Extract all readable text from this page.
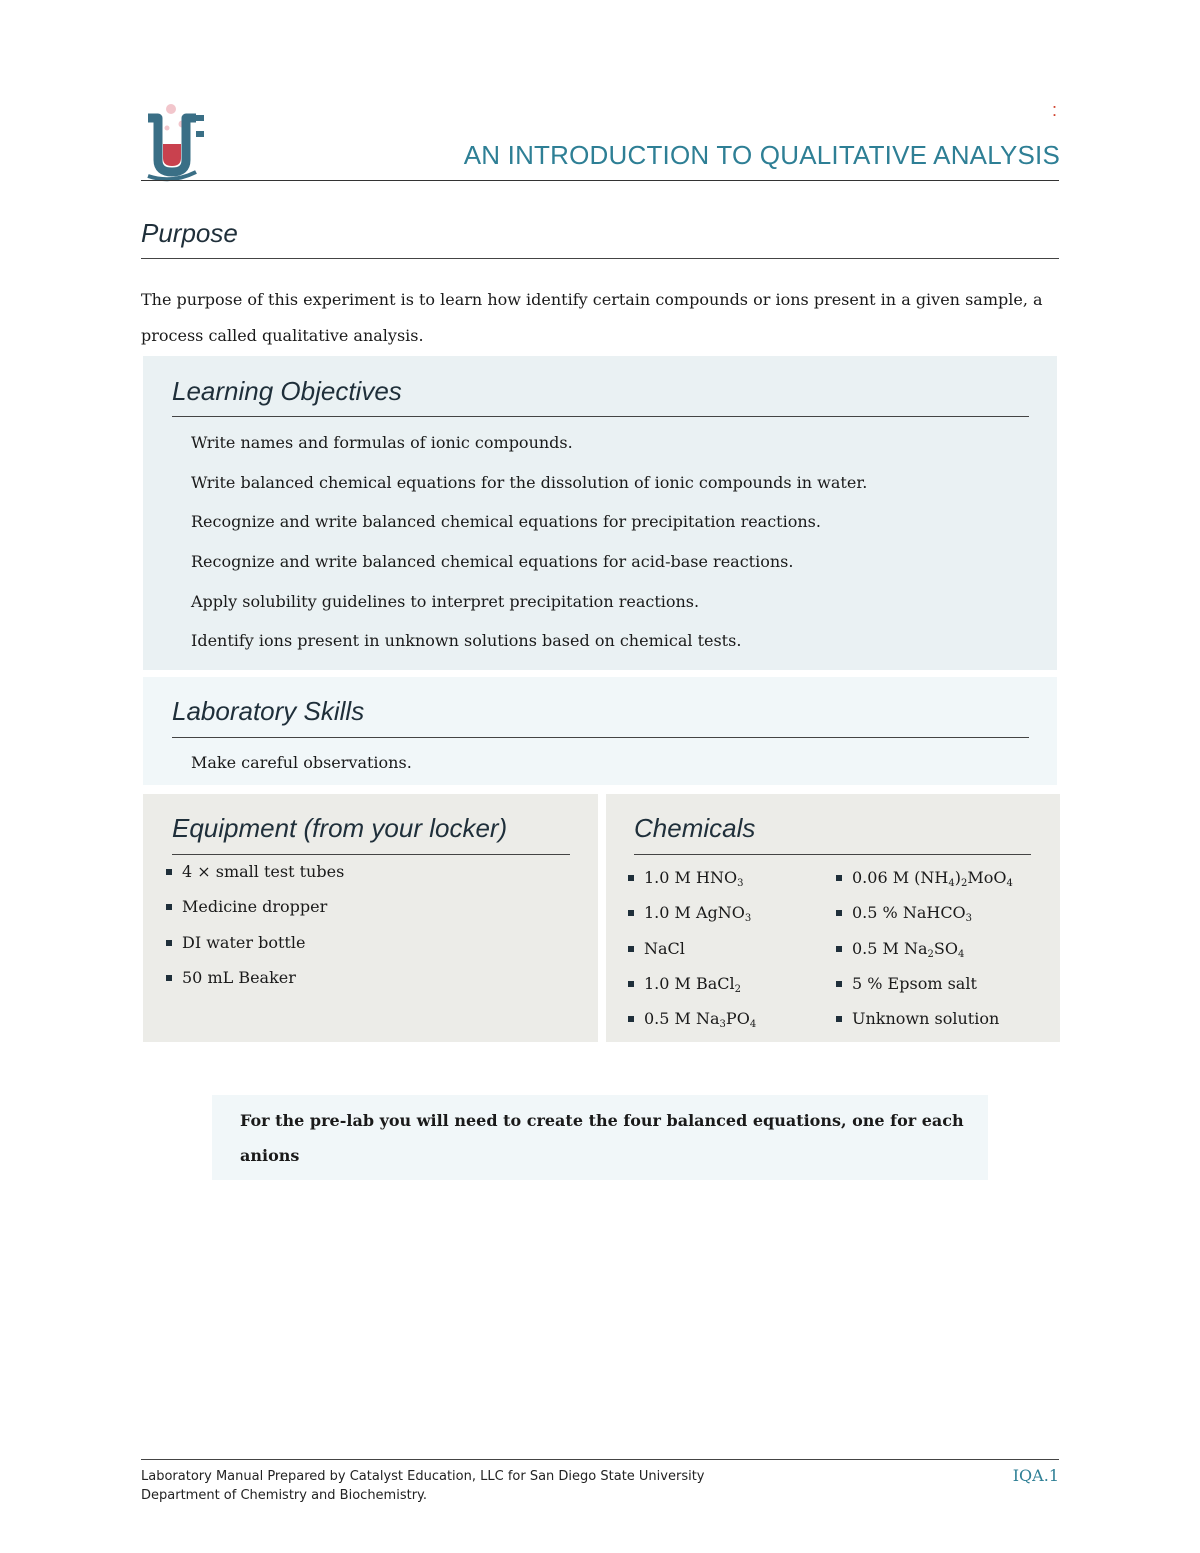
:
AN INTRODUCTION TO QUALITATIVE ANALYSIS
Purpose
The purpose of this experiment is to learn how identify certain compounds or ions present in a given sample, a process called qualitative analysis.
Learning Objectives
Write names and formulas of ionic compounds.
Write balanced chemical equations for the dissolution of ionic compounds in water.
Recognize and write balanced chemical equations for precipitation reactions.
Recognize and write balanced chemical equations for acid-base reactions.
Apply solubility guidelines to interpret precipitation reactions.
Identify ions present in unknown solutions based on chemical tests.
Laboratory Skills
Make careful observations.
Equipment (from your locker)
4 × small test tubes
Medicine dropper
DI water bottle
50 mL Beaker
Chemicals
1.0 M $HNO_3$
1.0 M AgNO$_3$
NaCl
1.0 M BaCl$_2$
0.5 M $Na_3PO_4$
0.06 M $(NH_4)_2MoO_4$
0.5 % NaHCO$_3$
0.5 M $Na_2SO_4$
5 % Epsom salt
Unknown solution
For the pre-lab you will need to create the four balanced equations, one for each anions
Laboratory Manual Prepared by Catalyst Education, LLC for San Diego State University
Department of Chemistry and Biochemistry.
IQA.1
